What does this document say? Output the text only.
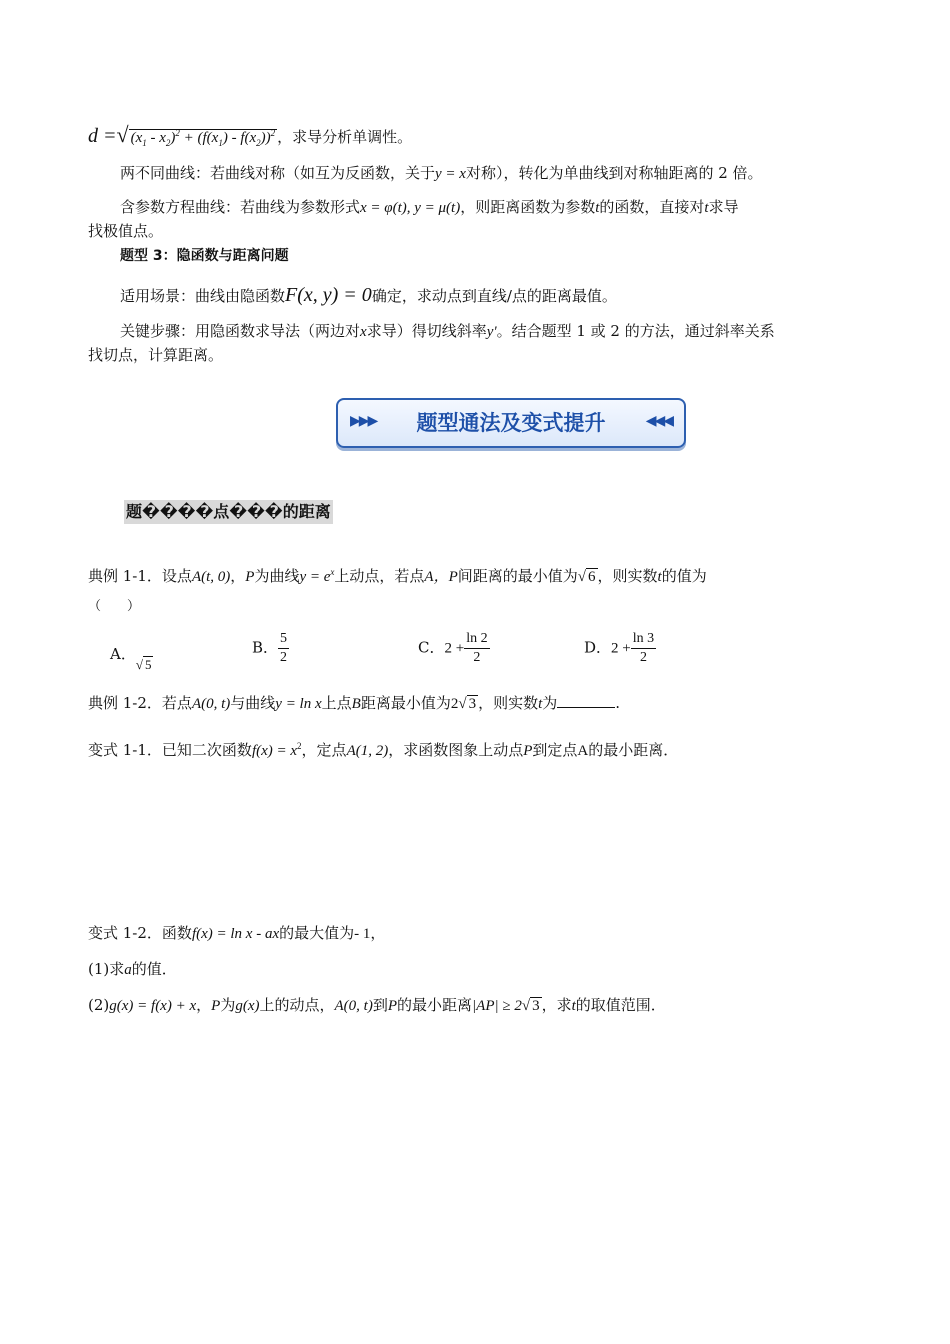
d =√ $(x_1 - x_2)^2 + (f(x_1) - f(x_2))^2$ ，求导分析单调性。
两不同曲线：若曲线对称（如互为反函数，关于y = x对称），转化为单曲线到对称轴距离的 2 倍。
含参数方程曲线：若曲线为参数形式x = φ(t), y = μ(t)，则距离函数为参数t的函数，直接对t求导
找极值点。
题型 3：隐函数与距离问题
适用场景：曲线由隐函数F(x, y) = 0确定，求动点到直线/点的距离最值。
关键步骤：用隐函数求导法（两边对x求导）得切线斜率y'。结合题型 1 或 2 的方法，通过斜率关系
找切点，计算距离。
▶▶▶	题型通法及变式提升	◀◀◀
题����点���的距离
典例 1-1．设点A(t, 0)，P为曲线$y = e^x$上动点，若点A，P间距离的最小值为√ 6 ，则实数t的值为
（　　）
A．√ 5
B． $\frac{5}{2}$	C．$2 + \frac{\ln 2}{2}$	D．$2 + \frac{\ln 3}{2}$
典例 1-2．若点A(0, t)与曲线y = ln x上点B距离最小值为2√ 3 ，则实数t为	.
变式 1-1．已知二次函数$f(x) = x^2$，定点A(1, 2)，求函数图象上动点P到定点A的最小距离．
变式 1-2．函数f(x) = ln x - ax的最大值为- 1，
(1)求a的值．
(2)g(x) = f(x) + x，P为g(x)上的动点，A(0, t)到P的最小距离|AP| ≥ 2√ 3 ，求t的取值范围．
